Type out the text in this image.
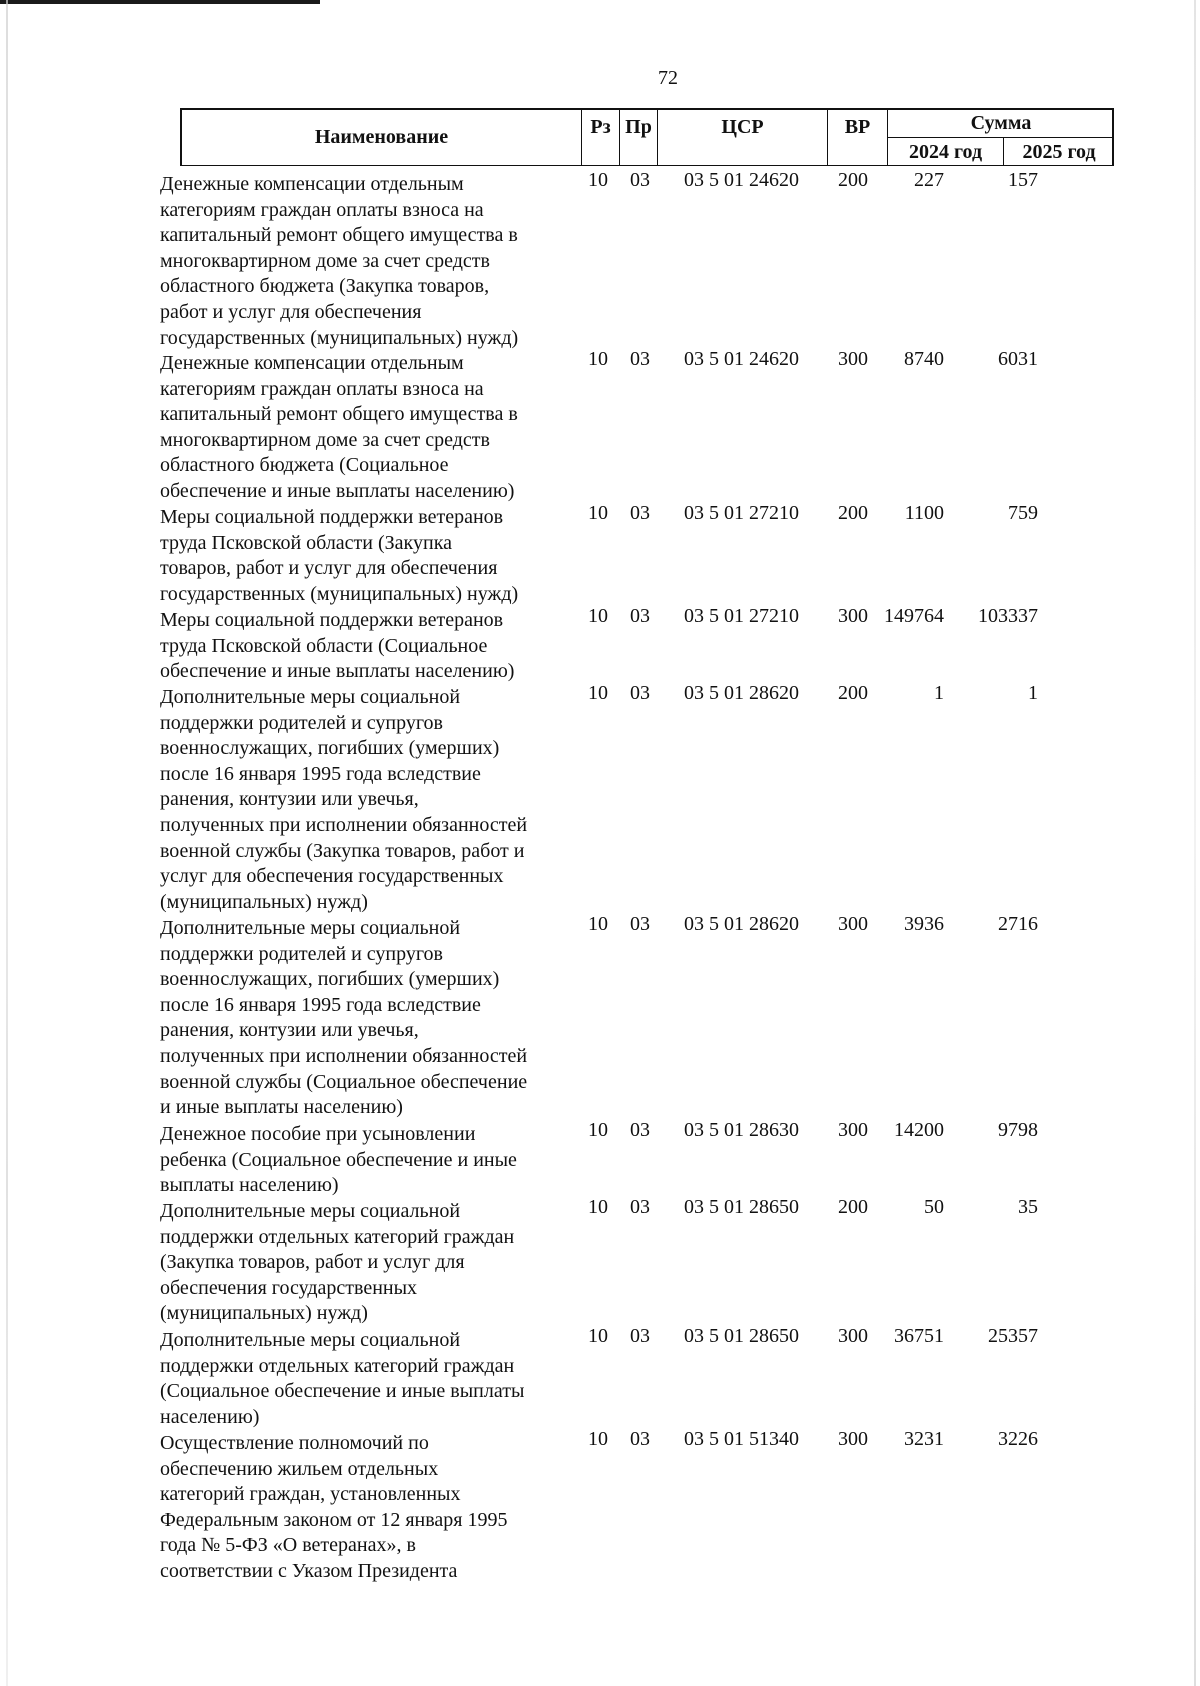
72
Наименование	Рз Пр	ЦСР	ВР	Сумма
2024 год	2025 год
Денежные компенсации отдельным
категориям граждан оплаты взноса на
капитальный ремонт общего имущества в
многоквартирном доме за счет средств
областного бюджета (Закупка товаров,
работ и услуг для обеспечения
государственных (муниципальных) нужд)
10 03 03 5 01 24620 200 227	157
Денежные компенсации отдельным
категориям граждан оплаты взноса на
капитальный ремонт общего имущества в
многоквартирном доме за счет средств
областного бюджета (Социальное
обеспечение и иные выплаты населению)
10 03 03 5 01 24620 300 8740	6031
Меры социальной поддержки ветеранов
труда Псковской области (Закупка
товаров, работ и услуг для обеспечения
государственных (муниципальных) нужд)
10 03 03 5 01 27210 200 1100	759
Меры социальной поддержки ветеранов
труда Псковской области (Социальное
обеспечение и иные выплаты населению)
10 03 03 5 01 27210 300 149764 103337
Дополнительные меры социальной
поддержки родителей и супругов
военнослужащих, погибших (умерших)
после 16 января 1995 года вследствие
ранения, контузии или увечья,
полученных при исполнении обязанностей
военной службы (Закупка товаров, работ и
услуг для обеспечения государственных
(муниципальных) нужд)
10 03 03 5 01 28620 200	1	1
Дополнительные меры социальной
поддержки родителей и супругов
военнослужащих, погибших (умерших)
после 16 января 1995 года вследствие
ранения, контузии или увечья,
полученных при исполнении обязанностей
военной службы (Социальное обеспечение
и иные выплаты населению)
10 03 03 5 01 28620 300 3936	2716
Денежное пособие при усыновлении
ребенка (Социальное обеспечение и иные
выплаты населению)
10 03 03 5 01 28630 300 14200	9798
Дополнительные меры социальной
поддержки отдельных категорий граждан
(Закупка товаров, работ и услуг для
обеспечения государственных
(муниципальных) нужд)
10 03 03 5 01 28650 200	50	35
Дополнительные меры социальной
поддержки отдельных категорий граждан
(Социальное обеспечение и иные выплаты
населению)
10 03 03 5 01 28650 300 36751 25357
Осуществление полномочий по
обеспечению жильем отдельных
категорий граждан, установленных
Федеральным законом от 12 января 1995
года № 5-ФЗ «О ветеранах», в
соответствии с Указом Президента
10 03 03 5 01 51340 300 3231	3226
